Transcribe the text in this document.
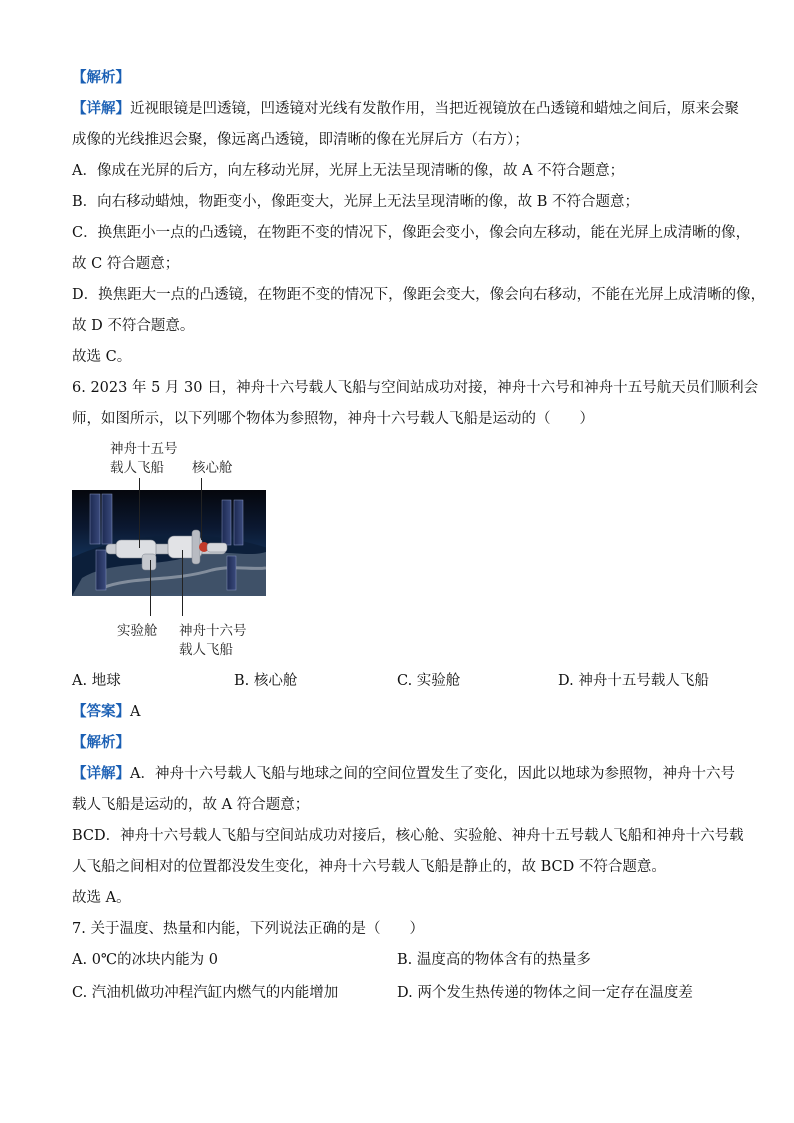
【解析】
【详解】近视眼镜是凹透镜，凹透镜对光线有发散作用，当把近视镜放在凸透镜和蜡烛之间后，原来会聚
成像的光线推迟会聚，像远离凸透镜，即清晰的像在光屏后方（右方）；
A．像成在光屏的后方，向左移动光屏，光屏上无法呈现清晰的像，故 A 不符合题意；
B．向右移动蜡烛，物距变小，像距变大，光屏上无法呈现清晰的像，故 B 不符合题意；
C．换焦距小一点的凸透镜，在物距不变的情况下，像距会变小，像会向左移动，能在光屏上成清晰的像，
故 C 符合题意；
D．换焦距大一点的凸透镜，在物距不变的情况下，像距会变大，像会向右移动，不能在光屏上成清晰的像，
故 D 不符合题意。
故选 C。
6. 2023 年 5 月 30 日，神舟十六号载人飞船与空间站成功对接，神舟十六号和神舟十五号航天员们顺利会
师，如图所示，以下列哪个物体为参照物，神舟十六号载人飞船是运动的（　　）
神舟十五号
载人飞船 核心舱
实验舱 神舟十六号
载人飞船
A. 地球	B. 核心舱	C. 实验舱	D. 神舟十五号载人飞船
【答案】A
【解析】
【详解】A．神舟十六号载人飞船与地球之间的空间位置发生了变化，因此以地球为参照物，神舟十六号
载人飞船是运动的，故 A 符合题意；
BCD．神舟十六号载人飞船与空间站成功对接后，核心舱、实验舱、神舟十五号载人飞船和神舟十六号载
人飞船之间相对的位置都没发生变化，神舟十六号载人飞船是静止的，故 BCD 不符合题意。
故选 A。
7. 关于温度、热量和内能，下列说法正确的是（　　）
A. 0℃的冰块内能为 0	B. 温度高的物体含有的热量多
C. 汽油机做功冲程汽缸内燃气的内能增加	D. 两个发生热传递的物体之间一定存在温度差
